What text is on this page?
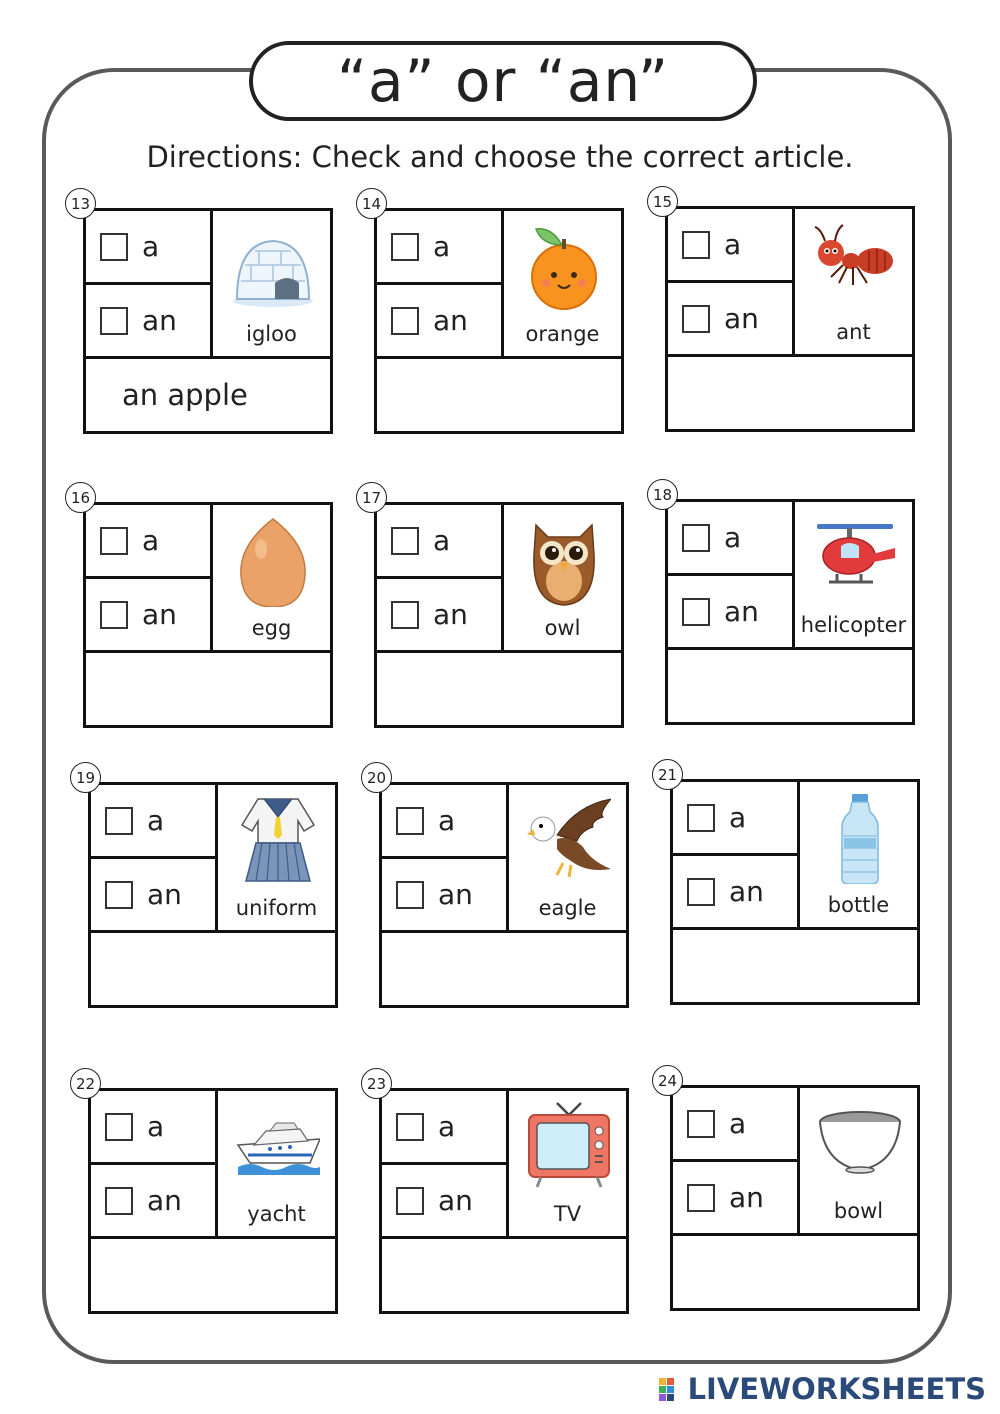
“a” or “an”
Directions: Check and choose the correct article.
13
a
an	igloo
an apple
14
a
an	orange
15
a
an	ant
16
a
an	egg
17
a
an	owl
18
a
an helicopter
19
a
an	uniform
20
a
an	eagle
21
a
an	bottle
22
a
an	yacht
23
a
an	TV
24
a
an	bowl
LIVEWORKSHEETS
